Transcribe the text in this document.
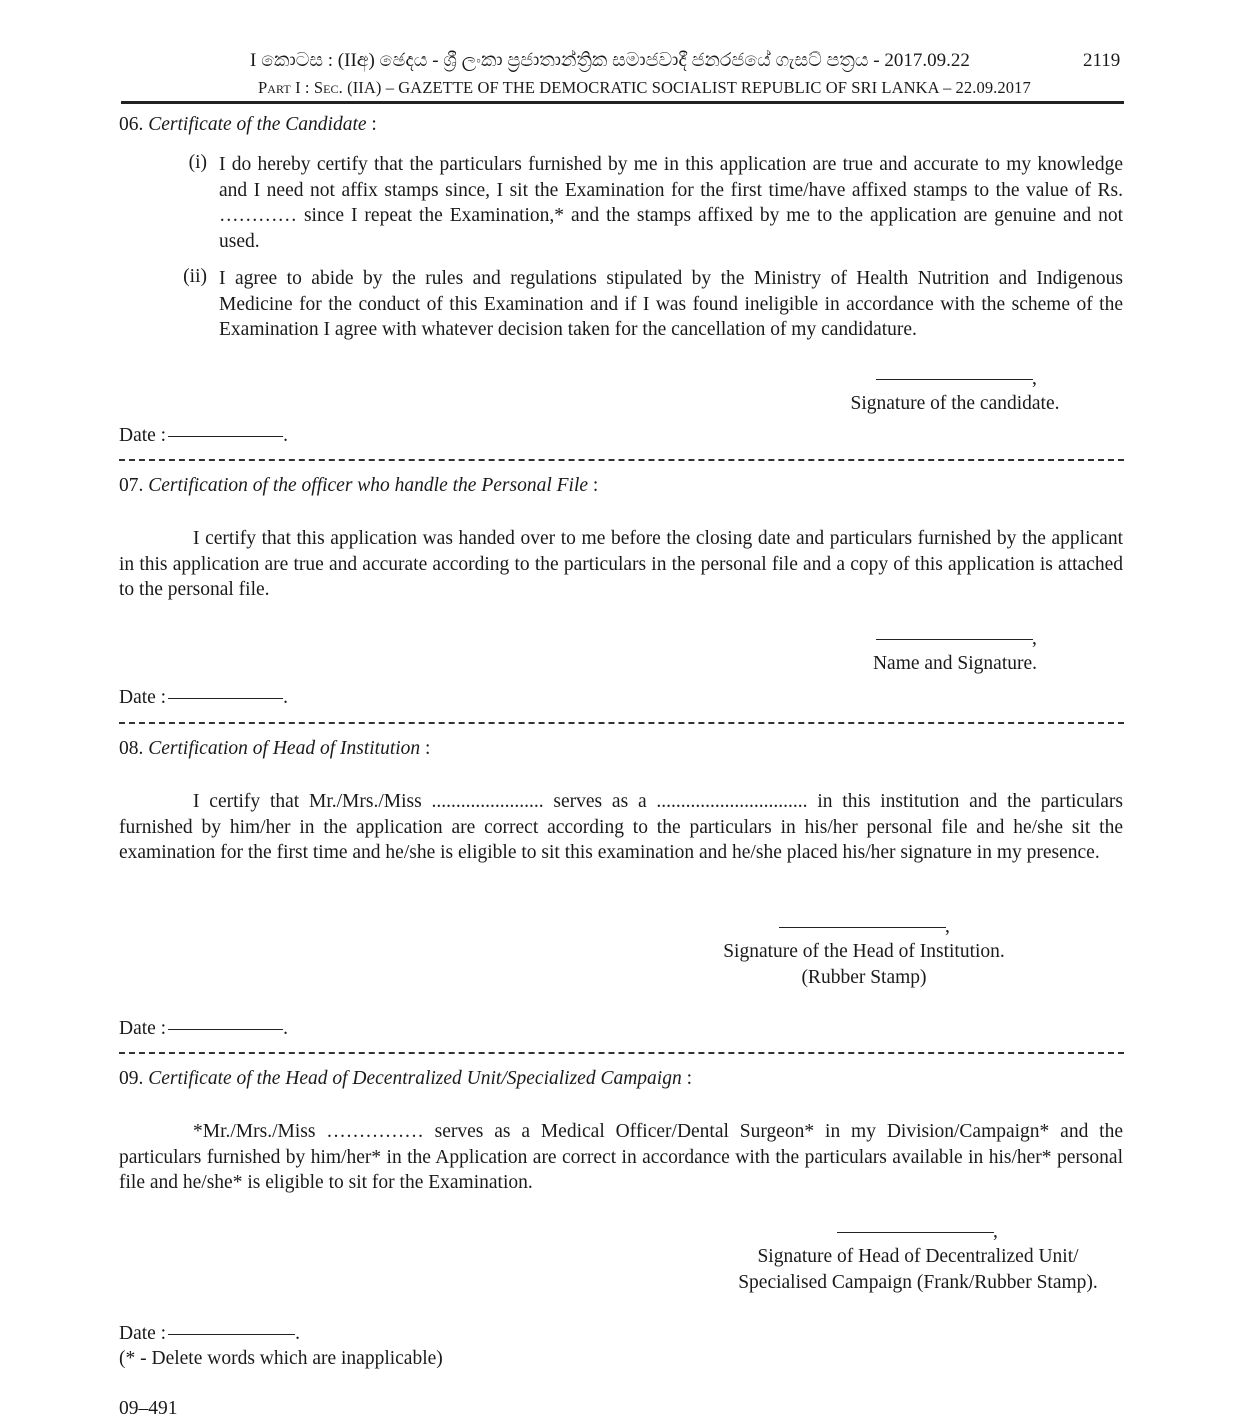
I කොටස : (IIඅ) ඡෙදය - ශ්‍රී ලංකා ප්‍රජාතාන්ත්‍රික සමාජවාදී ජනරජයේ ගැසට් පත්‍රය - 2017.09.22	2119
Part I : Sec. (IIA) – GAZETTE OF THE DEMOCRATIC SOCIALIST REPUBLIC OF SRI LANKA – 22.09.2017
06. Certificate of the Candidate :
(i) I do hereby certify that the particulars furnished by me in this application are true and accurate to my knowledge and I need not affix stamps since, I sit the Examination for the first time/have affixed stamps to the value of Rs. ………… since I repeat the Examination,* and the stamps affixed by me to the application are genuine and not used.
(ii) I agree to abide by the rules and regulations stipulated by the Ministry of Health Nutrition and Indigenous Medicine for the conduct of this Examination and if I was found ineligible in accordance with the scheme of the Examination I agree with whatever decision taken for the cancellation of my candidature.
,
Signature of the candidate.
Date :	.
07. Certification of the officer who handle the Personal File :
I certify that this application was handed over to me before the closing date and particulars furnished by the applicant in this application are true and accurate according to the particulars in the personal file and a copy of this application is attached to the personal file.
,
Name and Signature.
Date :	.
08. Certification of Head of Institution :
I certify that Mr./Mrs./Miss ....................... serves as a ............................... in this institution and the particulars furnished by him/her in the application are correct according to the particulars in his/her personal file and he/she sit the examination for the first time and he/she is eligible to sit this examination and he/she placed his/her signature in my presence.
,
Signature of the Head of Institution.
(Rubber Stamp)
Date :	.
09. Certificate of the Head of Decentralized Unit/Specialized Campaign :
*Mr./Mrs./Miss …………… serves as a Medical Officer/Dental Surgeon* in my Division/Campaign* and the particulars furnished by him/her* in the Application are correct in accordance with the particulars available in his/her* personal file and he/she* is eligible to sit for the Examination.
,
Signature of Head of Decentralized Unit/
Specialised Campaign (Frank/Rubber Stamp).
Date :	.
(* - Delete words which are inapplicable)
09–491
